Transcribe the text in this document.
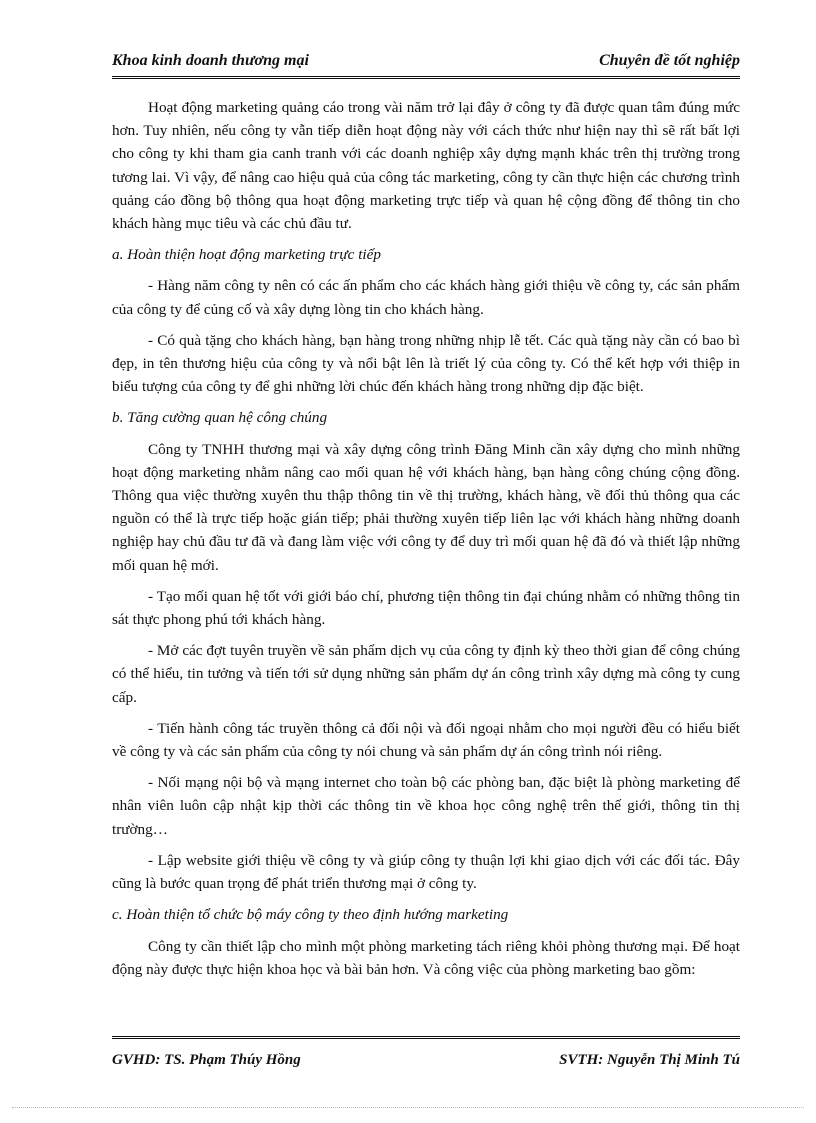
Khoa kinh doanh thương mại	Chuyên đề tốt nghiệp

Hoạt động marketing quảng cáo trong vài năm trở lại đây ở công ty đã được quan tâm đúng mức hơn. Tuy nhiên, nếu công ty vẫn tiếp diễn hoạt động này với cách thức như hiện nay thì sẽ rất bất lợi cho công ty khi tham gia canh tranh với các doanh nghiệp xây dựng mạnh khác trên thị trường trong tương lai. Vì vậy, để nâng cao hiệu quả của công tác marketing, công ty cần thực hiện các chương trình quảng cáo đồng bộ thông qua hoạt động marketing trực tiếp và quan hệ cộng đồng để thông tin cho khách hàng mục tiêu và các chủ đầu tư.

a. Hoàn thiện hoạt động marketing trực tiếp

- Hàng năm công ty nên có các ấn phẩm cho các khách hàng giới thiệu về công ty, các sản phẩm của công ty để củng cố và xây dựng lòng tin cho khách hàng.

- Có quà tặng cho khách hàng, bạn hàng trong những nhịp lễ tết. Các quà tặng này cần có bao bì đẹp, in tên thương hiệu của công ty và nổi bật lên là triết lý của công ty. Có thể kết hợp với thiệp in biểu tượng của công ty để ghi những lời chúc đến khách hàng trong những dịp đặc biệt.

b. Tăng cường quan hệ công chúng

Công ty TNHH thương mại và xây dựng công trình Đăng Minh cần xây dựng cho mình những hoạt động marketing nhằm nâng cao mối quan hệ với khách hàng, bạn hàng công chúng cộng đồng. Thông qua việc thường xuyên thu thập thông tin về thị trường, khách hàng, về đối thủ thông qua các nguồn có thể là trực tiếp hoặc gián tiếp; phải thường xuyên tiếp liên lạc với khách hàng những doanh nghiệp hay chủ đầu tư đã và đang làm việc với công ty để duy trì mối quan hệ đã đó và thiết lập những mối quan hệ mới.

- Tạo mối quan hệ tốt với giới báo chí, phương tiện thông tin đại chúng nhằm có những thông tin sát thực phong phú tới khách hàng.

- Mở các đợt tuyên truyền về sản phẩm dịch vụ của công ty định kỳ theo thời gian để công chúng có thể hiểu, tin tưởng và tiến tới sử dụng những sản phẩm dự án công trình xây dựng mà công ty cung cấp.

- Tiến hành công tác truyền thông cả đối nội và đối ngoại nhằm cho mọi người đều có hiểu biết về công ty và các sản phẩm của công ty nói chung và sản phẩm dự án công trình nói riêng.

- Nối mạng nội bộ và mạng internet cho toàn bộ các phòng ban, đặc biệt là phòng marketing để nhân viên luôn cập nhật kịp thời các thông tin về khoa học công nghệ trên thế giới, thông tin thị trường…

- Lập website giới thiệu về công ty và giúp công ty thuận lợi khi giao dịch với các đối tác. Đây cũng là bước quan trọng để phát triển thương mại ở công ty.

c. Hoàn thiện tổ chức bộ máy công ty theo định hướng marketing

Công ty cần thiết lập cho mình một phòng marketing tách riêng khỏi phòng thương mại. Để hoạt động này được thực hiện khoa học và bài bản hơn. Và công việc của phòng marketing bao gồm:

GVHD: TS. Phạm Thúy Hồng	SVTH: Nguyễn Thị Minh Tú
